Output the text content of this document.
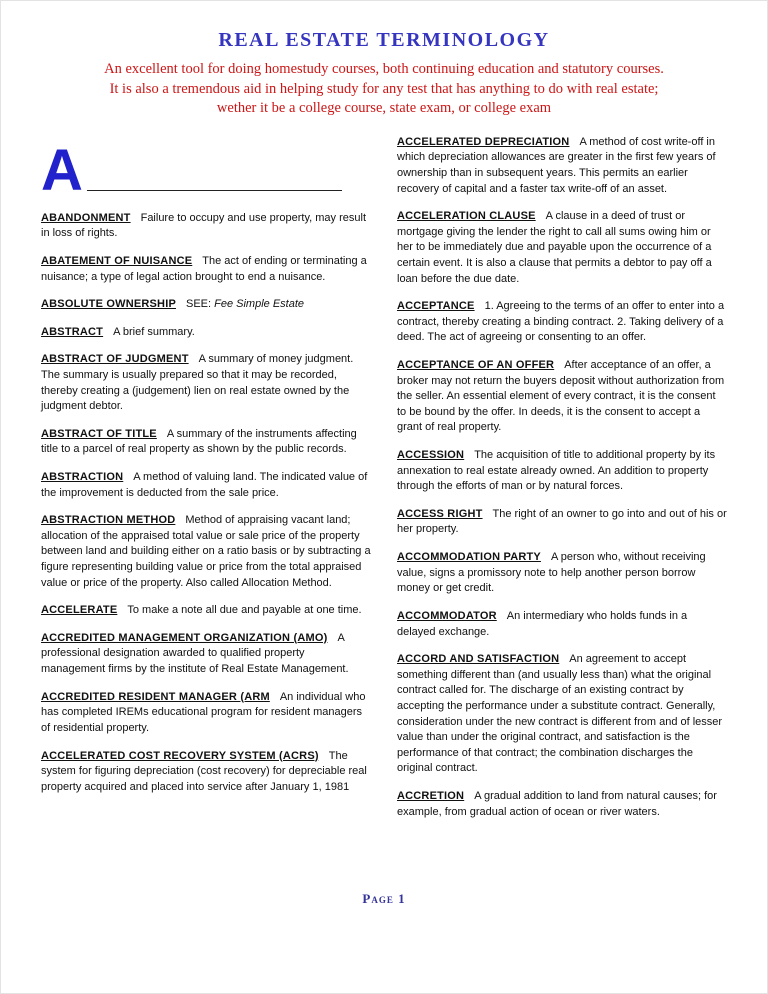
REAL ESTATE TERMINOLOGY
An excellent tool for doing homestudy courses, both continuing education and statutory courses.
It is also a tremendous aid in helping study for any test that has anything to do with real estate;
wether it be a college course, state exam, or college exam
A

ABANDONMENT Failure to occupy and use property, may result in loss of rights.

ABATEMENT OF NUISANCE The act of ending or terminating a nuisance; a type of legal action brought to end a nuisance.

ABSOLUTE OWNERSHIP SEE: Fee Simple Estate

ABSTRACT A brief summary.

ABSTRACT OF JUDGMENT A summary of money judgment. The summary is usually prepared so that it may be recorded, thereby creating a (judgement) lien on real estate owned by the judgment debtor.

ABSTRACT OF TITLE A summary of the instruments affecting title to a parcel of real property as shown by the public records.

ABSTRACTION A method of valuing land. The indicated value of the improvement is deducted from the sale price.

ABSTRACTION METHOD Method of appraising vacant land; allocation of the appraised total value or sale price of the property between land and building either on a ratio basis or by subtracting a figure representing building value or price from the total appraised value or price of the property. Also called Allocation Method.

ACCELERATE To make a note all due and payable at one time.

ACCREDITED MANAGEMENT ORGANIZATION (AMO) A professional designation awarded to qualified property management firms by the institute of Real Estate Management.

ACCREDITED RESIDENT MANAGER (ARM An individual who has completed IREMs educational program for resident managers of residential property.

ACCELERATED COST RECOVERY SYSTEM (ACRS) The system for figuring depreciation (cost recovery) for depreciable real property acquired and placed into service after January 1, 1981

ACCELERATED DEPRECIATION A method of cost write-off in which depreciation allowances are greater in the first few years of ownership than in subsequent years. This permits an earlier recovery of capital and a faster tax write-off of an asset.

ACCELERATION CLAUSE A clause in a deed of trust or mortgage giving the lender the right to call all sums owing him or her to be immediately due and payable upon the occurrence of a certain event. It is also a clause that permits a debtor to pay off a loan before the due date.

ACCEPTANCE 1. Agreeing to the terms of an offer to enter into a contract, thereby creating a binding contract. 2. Taking delivery of a deed. The act of agreeing or consenting to an offer.

ACCEPTANCE OF AN OFFER After acceptance of an offer, a broker may not return the buyers deposit without authorization from the seller. An essential element of every contract, it is the consent to be bound by the offer. In deeds, it is the consent to accept a grant of real property.

ACCESSION The acquisition of title to additional property by its annexation to real estate already owned. An addition to property through the efforts of man or by natural forces.

ACCESS RIGHT The right of an owner to go into and out of his or her property.

ACCOMMODATION PARTY A person who, without receiving value, signs a promissory note to help another person borrow money or get credit.

ACCOMMODATOR An intermediary who holds funds in a delayed exchange.

ACCORD AND SATISFACTION An agreement to accept something different than (and usually less than) what the original contract called for. The discharge of an existing contract by accepting the performance under a substitute contract. Generally, consideration under the new contract is different from and of lesser value than under the original contract, and satisfaction is the performance of that contract; the combination discharges the original contract.

ACCRETION A gradual addition to land from natural causes; for example, from gradual action of ocean or river waters.

Page 1
